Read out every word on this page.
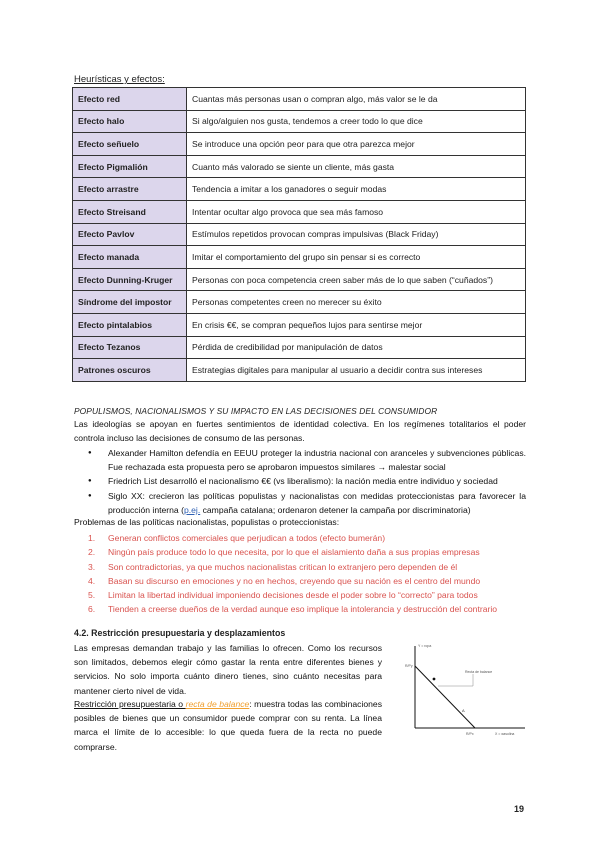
Heurísticas y efectos:
Efecto red	Cuantas más personas usan o compran algo, más valor se le da
Efecto halo	Si algo/alguien nos gusta, tendemos a creer todo lo que dice
Efecto señuelo	Se introduce una opción peor para que otra parezca mejor
Efecto Pigmalión	Cuanto más valorado se siente un cliente, más gasta
Efecto arrastre	Tendencia a imitar a los ganadores o seguir modas
Efecto Streisand	Intentar ocultar algo provoca que sea más famoso
Efecto Pavlov	Estímulos repetidos provocan compras impulsivas (Black Friday)
Efecto manada	Imitar el comportamiento del grupo sin pensar si es correcto
Efecto Dunning-Kruger	Personas con poca competencia creen saber más de lo que saben (“cuñados”)
Síndrome del impostor	Personas competentes creen no merecer su éxito
Efecto pintalabios	En crisis €€, se compran pequeños lujos para sentirse mejor
Efecto Tezanos	Pérdida de credibilidad por manipulación de datos
Patrones oscuros	Estrategias digitales para manipular al usuario a decidir contra sus intereses
POPULISMOS, NACIONALISMOS Y SU IMPACTO EN LAS DECISIONES DEL CONSUMIDOR
Las ideologías se apoyan en fuertes sentimientos de identidad colectiva. En los regímenes totalitarios el poder controla incluso las decisiones de consumo de las personas.
● Alexander Hamilton defendía en EEUU proteger la industria nacional con aranceles y subvenciones públicas. Fue rechazada esta propuesta pero se aprobaron impuestos similares → malestar social
● Friedrich List desarrolló el nacionalismo €€ (vs liberalismo): la nación media entre individuo y sociedad
● Siglo XX: crecieron las políticas populistas y nacionalistas con medidas proteccionistas para favorecer la producción interna (p.ej. campaña catalana; ordenaron detener la campaña por discriminatoria)
Problemas de las políticas nacionalistas, populistas o proteccionistas:
1. Generan conflictos comerciales que perjudican a todos (efecto bumerán)
2. Ningún país produce todo lo que necesita, por lo que el aislamiento daña a sus propias empresas
3. Son contradictorias, ya que muchos nacionalistas critican lo extranjero pero dependen de él
4. Basan su discurso en emociones y no en hechos, creyendo que su nación es el centro del mundo
5. Limitan la libertad individual imponiendo decisiones desde el poder sobre lo “correcto” para todos
6. Tienden a creerse dueños de la verdad aunque eso implique la intolerancia y destrucción del contrario
4.2. Restricción presupuestaria y desplazamientos
Las empresas demandan trabajo y las familias lo ofrecen. Como los recursos son limitados, debemos elegir cómo gastar la renta entre diferentes bienes y servicios. No solo importa cuánto dinero tienes, sino cuánto necesitas para mantener cierto nivel de vida.
Restricción presupuestaria o recta de balance: muestra todas las combinaciones posibles de bienes que un consumidor puede comprar con su renta. La línea marca el límite de lo accesible: lo que queda fuera de la recta no puede comprarse.
Y = ropa
R/Py
R/Px	X = gasolina
Recta de balance
A
19
